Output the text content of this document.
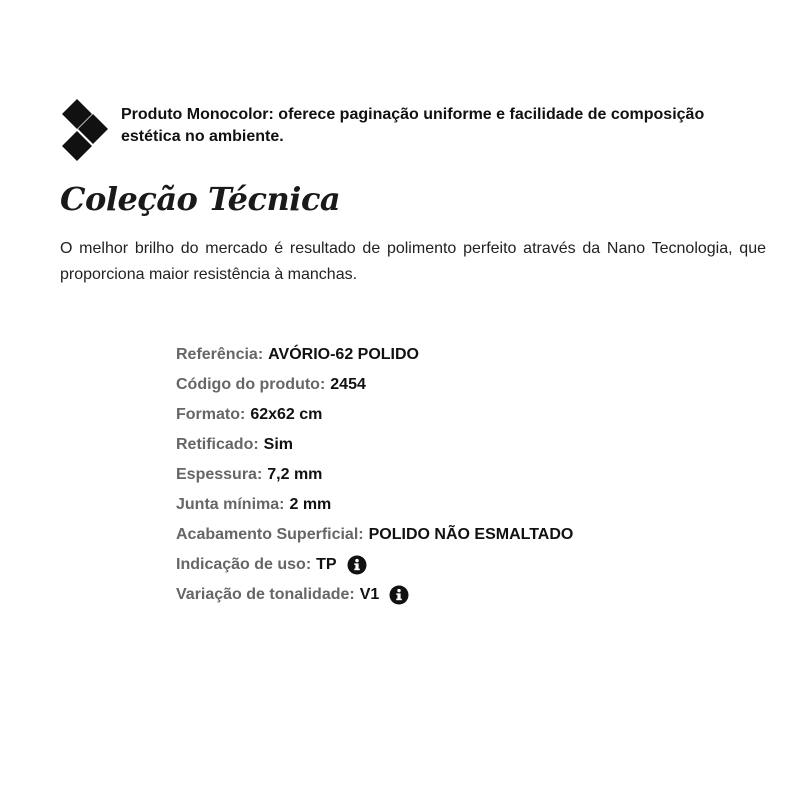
Produto Monocolor: oferece paginação uniforme e facilidade de composição estética no ambiente.
Coleção Técnica

O melhor brilho do mercado é resultado de polimento perfeito através da Nano Tecnologia, que proporciona maior resistência à manchas.

Referência: AVÓRIO-62 POLIDO
Código do produto: 2454
Formato: 62x62 cm
Retificado: Sim
Espessura: 7,2 mm
Junta mínima: 2 mm
Acabamento Superficial: POLIDO NÃO ESMALTADO
Indicação de uso: TP
Variação de tonalidade: V1
